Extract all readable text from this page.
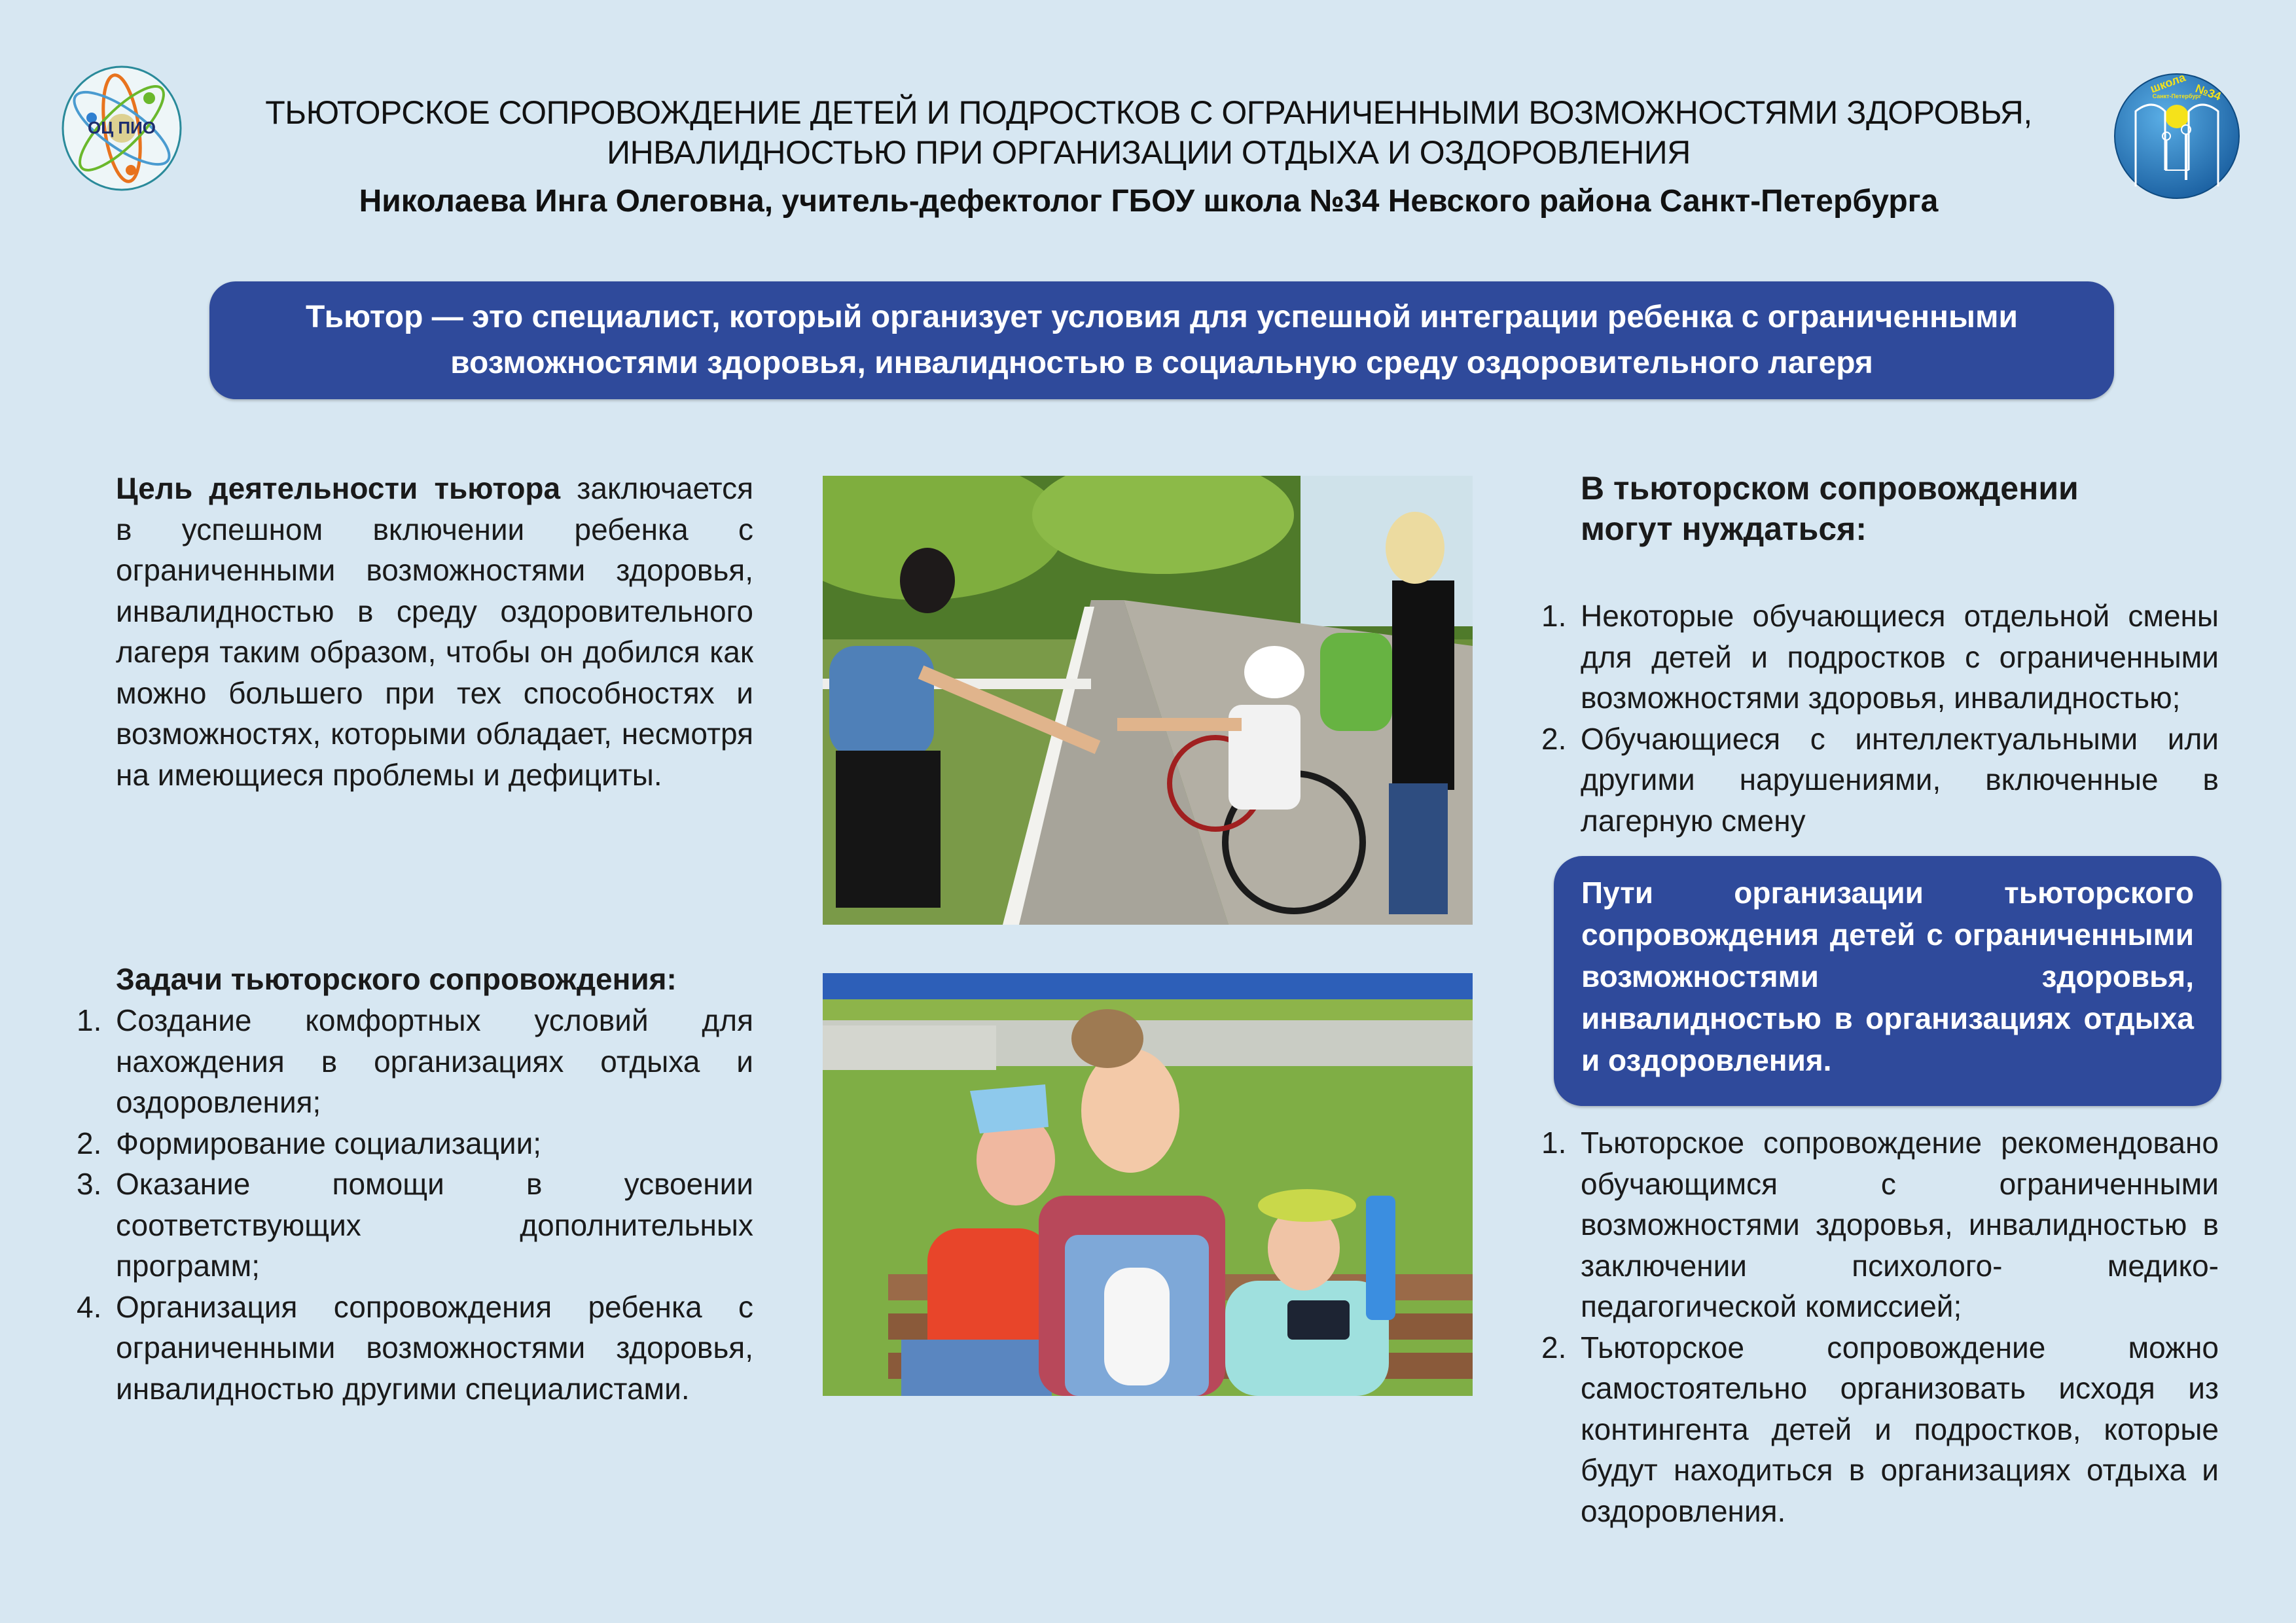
ОЦ ПИО
школа
Санкт-Петербург
№34
ТЬЮТОРСКОЕ СОПРОВОЖДЕНИЕ ДЕТЕЙ И ПОДРОСТКОВ С ОГРАНИЧЕННЫМИ ВОЗМОЖНОСТЯМИ ЗДОРОВЬЯ,
ИНВАЛИДНОСТЬЮ ПРИ ОРГАНИЗАЦИИ ОТДЫХА И ОЗДОРОВЛЕНИЯ
Николаева Инга Олеговна, учитель-дефектолог ГБОУ школа №34 Невского района Санкт-Петербурга
Тьютор — это специалист, который организует условия для успешной интеграции ребенка с ограниченными
возможностями здоровья, инвалидностью в социальную среду оздоровительного лагеря
Цель деятельности тьютора заключается в успешном включении ребенка с ограниченными возможностями здоровья, инвалидностью в среду оздоровительного лагеря таким образом, чтобы он добился как можно большего при тех способностях и возможностях, которыми обладает, несмотря на имеющиеся проблемы и дефициты.
Задачи тьюторского сопровождения:
1. Создание комфортных условий для нахождения в организациях отдыха и оздоровления;
2. Формирование социализации;
3. Оказание помощи в усвоении соответствующих дополнительных программ;
4. Организация сопровождения ребенка с ограниченными возможностями здоровья, инвалидностью другими специалистами.
В тьюторском сопровождении могут нуждаться:
1. Некоторые обучающиеся отдельной смены для детей и подростков с ограниченными возможностями здоровья, инвалидностью;
2. Обучающиеся с интеллектуальными или другими нарушениями, включенные в лагерную смену
Пути организации тьюторского сопровождения детей с ограниченными возможностями здоровья, инвалидностью в организациях отдыха и оздоровления.
1. Тьюторское сопровождение рекомендовано обучающимся с ограниченными возможностями здоровья, инвалидностью в заключении психолого- медико-педагогической комиссией;
2. Тьюторское сопровождение можно самостоятельно организовать исходя из контингента детей и подростков, которые будут находиться в организациях отдыха и оздоровления.
